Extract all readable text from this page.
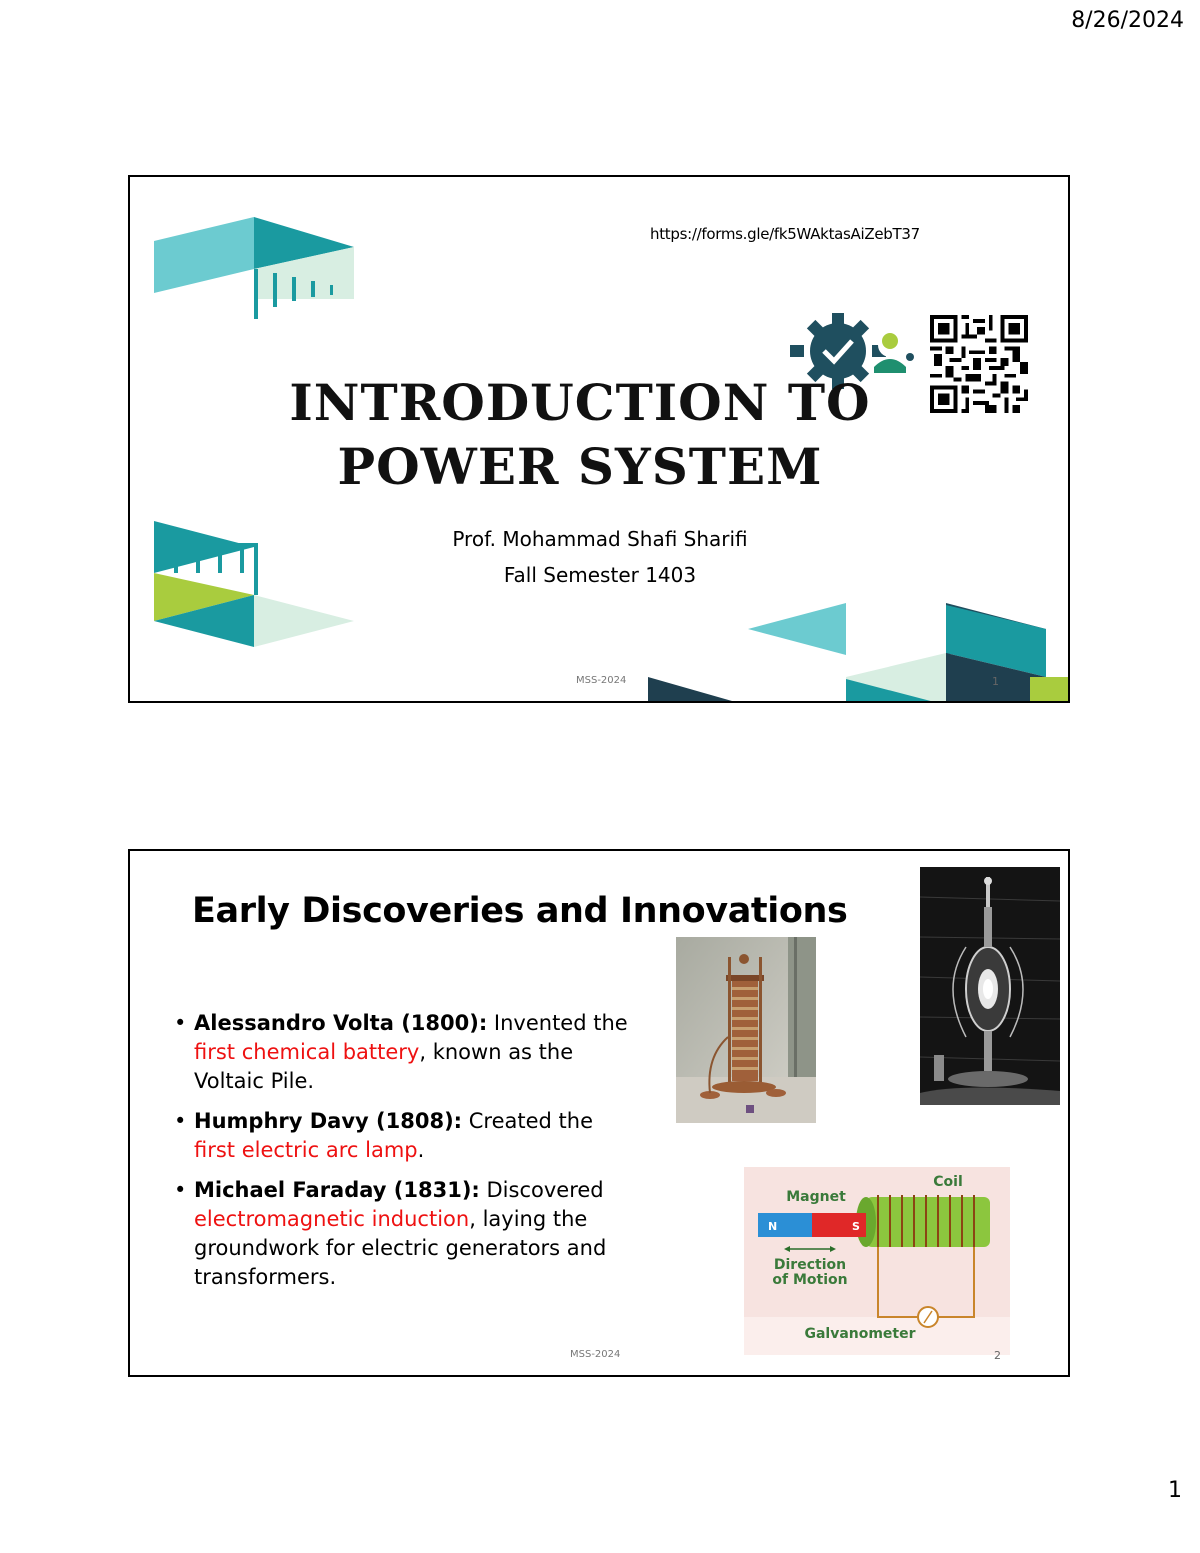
8/26/2024
https://forms.gle/fk5WAktasAiZebT37
INTRODUCTION TO
POWER SYSTEM
Prof. Mohammad Shafi Sharifi
Fall Semester 1403
MSS-2024	1
Early Discoveries and Innovations
• Alessandro Volta (1800): Invented the first chemical battery, known as the Voltaic Pile.
• Humphry Davy (1808): Created the first electric arc lamp.
• Michael Faraday (1831): Discovered electromagnetic induction, laying the groundwork for electric generators and transformers.
Magnet
Coil
N	S
Direction
of Motion
Galvanometer
MSS-2024	2
1
